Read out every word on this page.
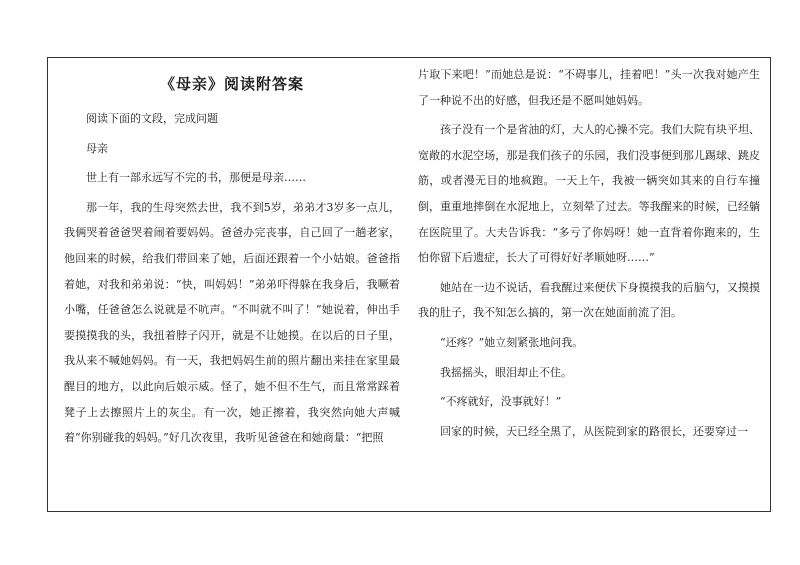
《母亲》阅读附答案

阅读下面的文段，完成问题

母亲

世上有一部永远写不完的书，那便是母亲……

那一年，我的生母突然去世，我不到5岁，弟弟才3岁多一点儿，我俩哭着爸爸哭着闹着要妈妈。爸爸办完丧事，自己回了一趟老家，他回来的时候，给我们带回来了她，后面还跟着一个小姑娘。爸爸指着她，对我和弟弟说：“快，叫妈妈！”弟弟吓得躲在我身后，我噘着小嘴，任爸爸怎么说就是不吭声。“不叫就不叫了！”她说着，伸出手要摸摸我的头，我扭着脖子闪开，就是不让她摸。在以后的日子里，我从来不喊她妈妈。有一天，我把妈妈生前的照片翻出来挂在家里最醒目的地方，以此向后娘示威。怪了，她不但不生气，而且常常踩着凳子上去擦照片上的灰尘。有一次，她正擦着，我突然向她大声喊着“你别碰我的妈妈。”好几次夜里，我听见爸爸在和她商量：“把照

片取下来吧！”而她总是说：“不碍事儿，挂着吧！”头一次我对她产生了一种说不出的好感，但我还是不愿叫她妈妈。

孩子没有一个是省油的灯，大人的心操不完。我们大院有块平坦、宽敞的水泥空场，那是我们孩子的乐园，我们没事便到那儿踢球、跳皮筋，或者漫无目的地疯跑。一天上午，我被一辆突如其来的自行车撞倒，重重地摔倒在水泥地上，立刻晕了过去。等我醒来的时候，已经躺在医院里了。大夫告诉我：“多亏了你妈呀！她一直背着你跑来的，生怕你留下后遗症，长大了可得好好孝顺她呀……”

她站在一边不说话，看我醒过来便伏下身摸摸我的后脑勺，又摸摸我的肚子，我不知怎么搞的，第一次在她面前流了泪。

“还疼？”她立刻紧张地问我。

我摇摇头，眼泪却止不住。

“不疼就好，没事就好！”

回家的时候，天已经全黑了，从医院到家的路很长，还要穿过一
